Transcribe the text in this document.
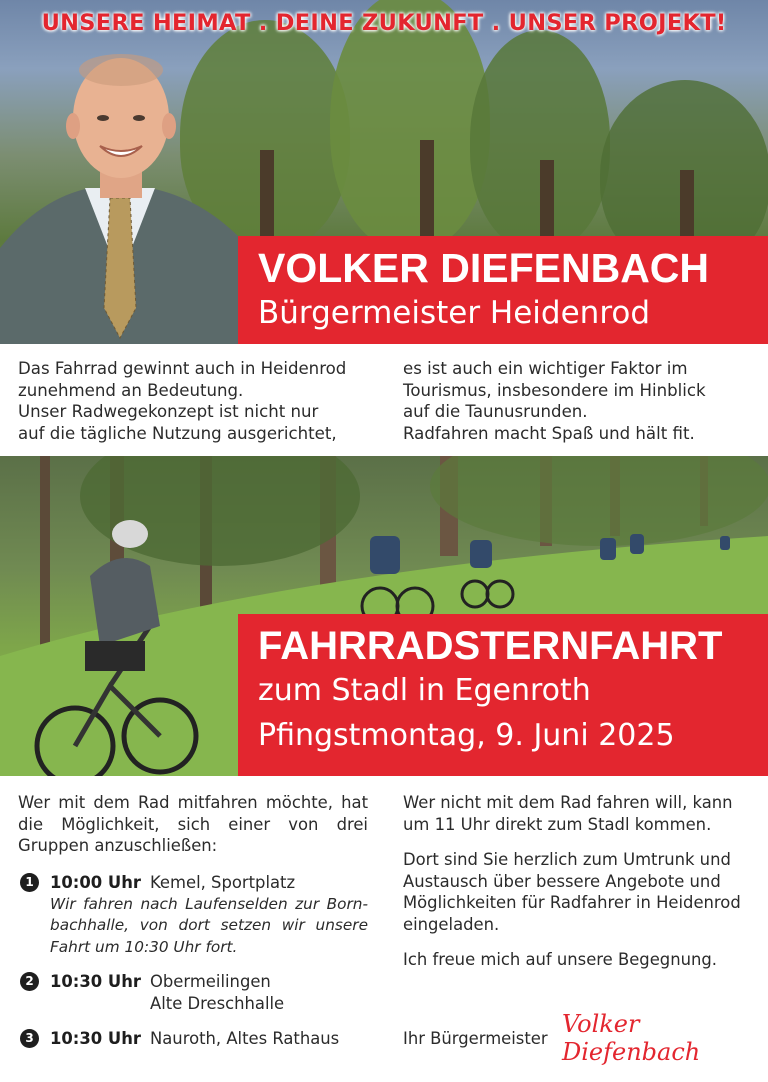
UNSERE HEIMAT . DEINE ZUKUNFT . UNSER PROJEKT!
VOLKER DIEFENBACH
Bürgermeister Heidenrod
Das Fahrrad gewinnt auch in Heidenrod
zunehmend an Bedeutung.
Unser Radwegekonzept ist nicht nur
auf die tägliche Nutzung ausgerichtet,
es ist auch ein wichtiger Faktor im
Tourismus, insbesondere im Hinblick
auf die Taunusrunden.
Radfahren macht Spaß und hält fit.
FAHRRADSTERNFAHRT
zum Stadl in Egenroth
Pfingstmontag, 9. Juni 2025
Wer mit dem Rad mitfahren möchte, hat die Möglichkeit, sich einer von drei Gruppen anzuschließen:
1 10:00 Uhr Kemel, Sportplatz
Wir fahren nach Laufenselden zur Bornbachhalle, von dort setzen wir unsere Fahrt um 10:30 Uhr fort.
2 10:30 Uhr Obermeilingen
Alte Dreschhalle
3 10:30 Uhr Nauroth, Altes Rathaus

Wer nicht mit dem Rad fahren will, kann um 11 Uhr direkt zum Stadl kommen.

Dort sind Sie herzlich zum Umtrunk und Austausch über bessere Angebote und Möglichkeiten für Radfahrer in Heidenrod eingeladen.

Ich freue mich auf unsere Begegnung.

Ihr Bürgermeister
Volker Diefenbach
